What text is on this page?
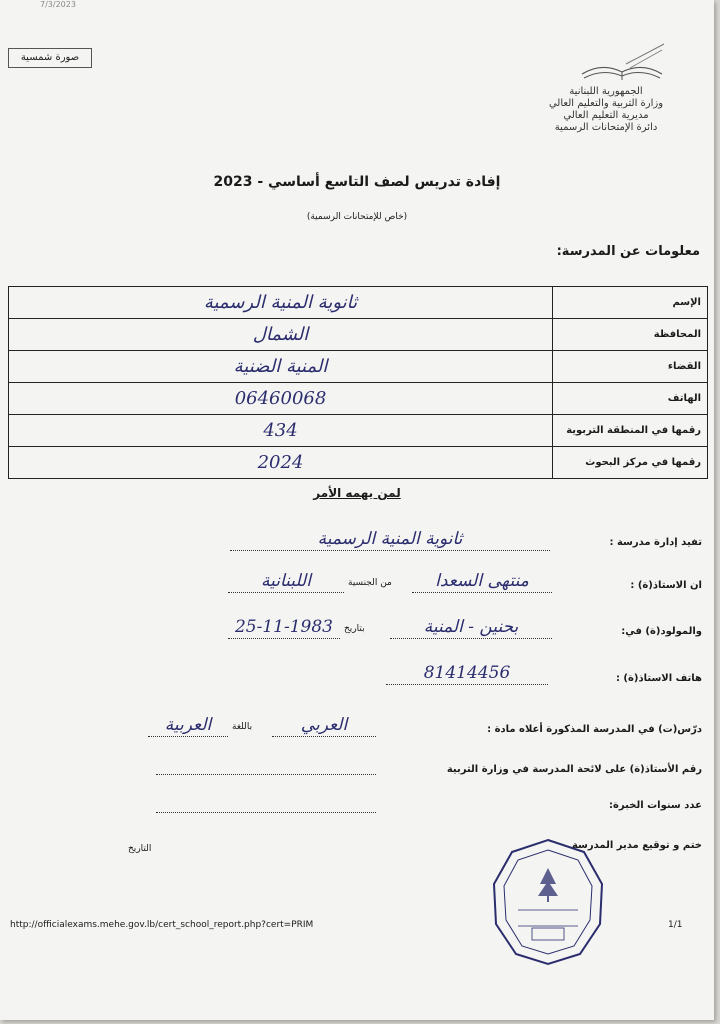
7/3/2023
صورة شمسية
الجمهورية اللبنانية
وزارة التربية والتعليم العالي
مديرية التعليم العالي
دائرة الإمتحانات الرسمية
إفادة تدريس لصف التاسع أساسي - 2023
(خاص للإمتحانات الرسمية)
معلومات عن المدرسة:
الإسم	ثانوية المنية الرسمية
المحافظة	الشمال
القضاء	المنية الضنية
الهاتف	06460068
رقمها في المنطقة التربوية	434
رقمها في مركز البحوث	2024
لمن يهمه الأمر
تفيد إدارة مدرسة :
ثانوية المنية الرسمية
ان الاستاذ(ة) :
منتهى السعدا
من الجنسية
اللبنانية
والمولود(ة) في:
بحنين - المنية
بتاريخ
25-11-1983
هاتف الاستاذ(ة) :
81414456
درّس(ت) في المدرسة المذكورة أعلاه مادة :
العربي
باللغة
العربية
رقم الأستاذ(ة) على لائحة المدرسة في وزارة التربية
عدد سنوات الخبرة:
ختم و توقيع مدير المدرسة
التاريخ
http://officialexams.mehe.gov.lb/cert_school_report.php?cert=PRIM	1/1
